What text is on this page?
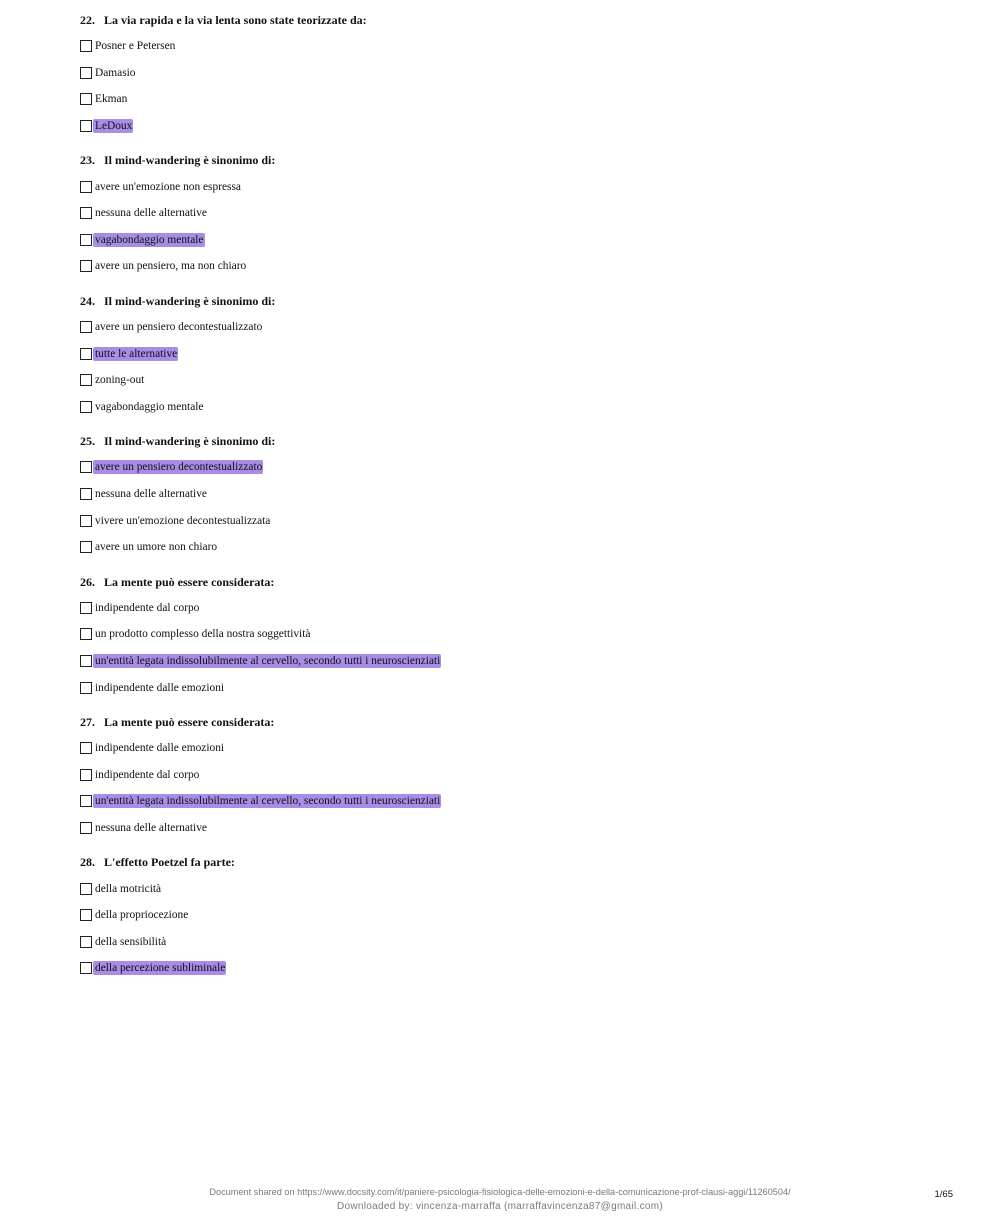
22. La via rapida e la via lenta sono state teorizzate da:
Posner e Petersen
Damasio
Ekman
LeDoux
23. Il mind-wandering è sinonimo di:
avere un'emozione non espressa
nessuna delle alternative
vagabondaggio mentale
avere un pensiero, ma non chiaro
24. Il mind-wandering è sinonimo di:
avere un pensiero decontestualizzato
tutte le alternative
zoning-out
vagabondaggio mentale
25. Il mind-wandering è sinonimo di:
avere un pensiero decontestualizzato
nessuna delle alternative
vivere un'emozione decontestualizzata
avere un umore non chiaro
26. La mente può essere considerata:
indipendente dal corpo
un prodotto complesso della nostra soggettività
un'entità legata indissolubilmente al cervello, secondo tutti i neuroscienziati
indipendente dalle emozioni
27. La mente può essere considerata:
indipendente dalle emozioni
indipendente dal corpo
un'entità legata indissolubilmente al cervello, secondo tutti i neuroscienziati
nessuna delle alternative
28. L'effetto Poetzel fa parte:
della motricità
della propriocezione
della sensibilità
della percezione subliminale
Document shared on https://www.docsity.com/it/paniere-psicologia-fisiologica-delle-emozioni-e-della-comunicazione-prof-clausi-aggi/11260504/
Downloaded by: vincenza-marraffa (marraffavincenza87@gmail.com)
1/65
